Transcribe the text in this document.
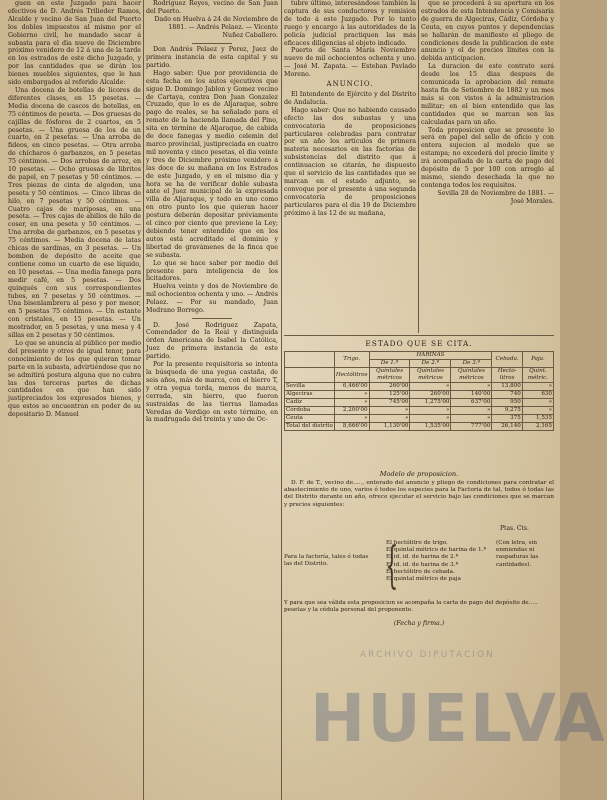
guen en este Juzgado para hacer efectivos de D. Andrés Trilieder Ramos, Alcalde y vecino de San Juan del Puerto los dobles impuestos al mismo por el Gobierno civil, he mandado sacar á subasta para el dia nueve de Diciembre próximo venidero de 12 á una de la tarde en los estrados de este dicho Juzgado, y por las cantidades que se dirán los bienes muebles siguientes, que le han sido embargados al referido Alcalde:

Una docena de botellas de licores de diferentes clases, en 15 pesetas. — Media docena de cascos de botellas, en 75 céntimos de peseta. — Dos gruesas de cajillas de fósforos de 2 cuartos, en 5 pesetas. — Una gruesa de los de un cuarto, en 2 pesetas. — Una arroba de fideos, en cinco pesetas. — Otra arroba de chícharos ó garbanzos, en 5 pesetas 75 céntimos. — Dos arrobas de arroz, en 10 pesetas. — Ocho gruesas de libritos de papel, en 7 pesetas y 50 céntimos. — Tres piezas de cinta de algodon, una peseta y 50 céntimos. — Cinco libras de hilo, en 7 pesetas y 50 céntimos. — Cuatro cajas de mariposas, en una peseta. — Tres cajas de abillos de hilo de coser, en una peseta y 50 céntimos. — Una arroba de garbanzos, en 5 pesetas y 75 céntimos. — Media docena de latas chicas de sardinas, en 3 pesetas. — Un bombon de depósito de aceite que contiene como un cuarto de ese líquido, en 10 pesetas. — Una media fanega para medir café, en 5 pesetas. — Dos quinqués con sus correspondientes tubos, en 7 pesetas y 50 céntimos. — Una bisenlambrera al peso y por menor, en 5 pesetas 75 céntimos. — Un estante con cristales, en 15 pesetas. — Un mostrador, en 5 pesetas, y una mesa y 4 sillas en 2 pesetas y 50 céntimos.

Lo que se anuncia al público por medio del presente y otros de igual tenor, para conocimiento de los que quieran tomar parte en la subasta, advirtiéndose que no se admitirá postura alguna que no cubra las dos terceras partes de dichas cantidades en que han sido justipreciados los expresados bienes, y que estos se encuentran en poder de su depositario D. Manuel

Rodriguez Reyes, vecino de San Juan del Puerto.

Dado en Huelva á 24 de Noviembre de 1881. — Andrés Pelaez. — Vicente Nuñez Caballero.

Don Andrés Pelaez y Perez, Juez de primera instancia de esta capital y su partido.

Hago saber: Que por providencia de esta fecha en los autos ejecutivos que sigue D. Domingo Jablon y Gomez vecino de Cartaya, contra Don Juan Gonzalez Cruzado, que lo es de Aljaraque, sobre pago de reales, se ha señalado para el remate de la hacienda llamada del Pino, sita en término de Aljaraque, de cabida de doce fanegas y medio celemin del marco provincial, justipreciada en cuatro mil noventa y cinco pesetas, el dia veinte y tres de Diciembre próximo venidero á las doce de su mañana en los Estrados de este Juzgado, y en el mismo dia y hora se ha de verificar doble subasta ante el Juez municipal de la expresada villa de Aljaraque, y todo en uno como en otro punto los que quieran hacer postura deberán depositar préviamente el cinco por ciento que previene la Ley; debiendo tener entendido que en los autos está acreditado el dominio y libertad de gravámenes de la finca que se subasta.

Lo que se hace saber por medio del presente para inteligencia de los licitadores.

Huelva veinte y dos de Noviembre de mil ochocientos ochenta y uno. — Andrés Pelaez. — Por su mandado, Juan Medrano Borrego.

D. José Rodriguez Zapata, Comendador de la Real y distinguida órden Americana de Isabel la Católica, Juez de primera instancia de este partido.

Por la presente requisitoria se intenta la búsqueda de una yegua castaña, de seis años, más de marca, con el hierro T, y otra yegua torda, menos de marca, cerrada, sin hierro, que fueron sustraidas de las tierras llamadas Veredas de Verdigo en este término, en la madrugada del treinta y uno de Oc-

tubre último, interesándose también la captura de sus conductores y remision de todo á este Juzgado. Por lo tanto ruego y encargo á las autoridades de la policía judicial practiquen las más eficaces diligencias al objeto indicado.

Puerto de Santa María Noviembre nueve de mil ochocientos ochenta y uno. — José M. Zapata. — Esteban Pavlado Moreno.

ANUNCIO.

El Intendente de Ejército y del Distrito de Andalucía.

Hago saber: Que no habiendo causado efecto las dos subastas y una convocatoria de proposiciones particulares celebradas para contratar por un año los artículos de primera materia necesarios en las factorías de subsistencias del distrito que á continuacion se citarán, he dispuesto que el servicio de las cantidades que se marcan en el estado adjunto, se convoque por el presente á una segunda convocatoria de proposiciones particulares para el dia 19 de Diciembre próximo á las 12 de su mañana,

que se procederá á su apertura en los estrados de esta Intendencia y Comisaria de guerra de Algeciras, Cádiz, Córdoba y Ceuta, en cuyos puntos y dependencias se hallarán de manifiesto el pliego de condiciones desde la publicacion de este anuncio y el de precios límites con la debida anticipacion.

La duracion de este contrato será desde los 15 dias despues de comunicada la aprobacion del remate hasta fin de Setiembre de 1882 y un mes más si con vistos á la administracion militar; en el bien entendido que las cantidades que se marcan son las calculadas para un año.

Toda proposicion que se presente lo será en papel del sello de oficio y con entera sujecion al modelo que se estampa; no excederá del precio límite y irá acompañada de la carta de pago del depósito de 5 por 100 con arreglo al mismo, siendo desechada la que no contenga todos los requisitos.

Sevilla 28 de Noviembre de 1881. — José Morales.

ESTADO QUE SE CITA.
	Trigo.	HARINAS			Cebada.	Paja.
		De 1.ª	De 2.ª	De 3.ª		
	Hectólitros	Quintales métricos	Quintales métricos	Quintales métricos	Hectó-litros	Quint. métric.
Sevilla	6,466'00	260'00	»	»	13,800	»
Algeciras	»	125'00	260'00	140'00	740	630
Cádiz	»	745'00	1,275'00	637'00	950	»
Córdoba	2,200'00	»	»	»	9,275	»
Ceuta	»	»	»	»	375	1,535
Total del distrito	8,666'00	1,130'00	1,535'00	777'00	26,140	2,165
Modelo de proposicion.

D. F. de T., vecino de....., enterado del anuncio y pliego de condiciones para contratar el abastecimiento de uno, varios ó todos los especies para la Factoria de tal, todos ó todas las del Distrito durante un año, ofrece ejecutar el servicio bajo las condiciones que se marcan y precios siguientes:

Ptas. Cts.
Para la factoría, tales ó todas las del Distrito.	{
El hectólitro de trigo.
El quintal métrico de harina de 1.ª
El id. id. de harina de 2.ª
El id. id. de harina de 3.ª
El hectólitro de cebada.
El quintal métrico de paja
(Con letra, sin enmiendas ni raspaduras las cantidades).
Y para que sea válida esta proposicion se acompaña la carta de pago del depósito de..... pesetas y la cédula personal del proponente.
(Fecha y firma.)
ARCHIVO DIPUTACION
HUELVA
